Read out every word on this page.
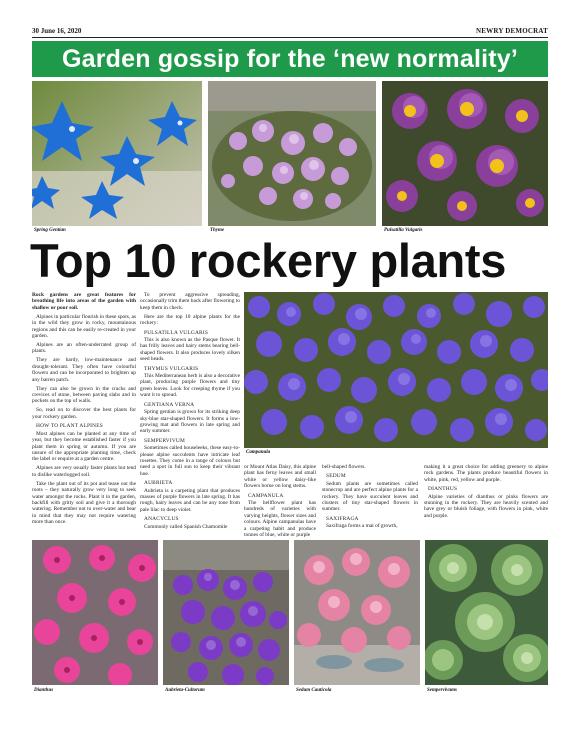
30 June 16, 2020	NEWRY DEMOCRAT
Garden gossip for the ‘new normality’
Spring Gentian	Thyme	Pulsatilla Vulgaris
Top 10 rockery plants

Rock gardens are great features for breathing life into areas of the garden with shallow or poor soil.

Alpines in particular flourish in these spots, as in the wild they grow in rocky, mountainous regions and this can be easily re-created in your garden.

Alpines are an often-underrated group of plants.

They are hardy, low-maintenance and drought-tolerant. They often have colourful flowers and can be incorporated to brighten up any barren patch.

They can also be grown in the cracks and crevices of stone, between paving slabs and in pockets on the top of walls.

So, read on to discover the best plants for your rockery garden.

HOW TO PLANT ALPINES

Most alpines can be planted at any time of year, but they become established faster if you plant them in spring or autumn. If you are unsure of the appropriate planting time, check the label or enquire at a garden centre.

Alpines are very usually faster plants but tend to dislike waterlogged soil.

Take the plant out of its pot and tease out the roots – they naturally grow very long to seek water amongst the rocks. Plant it in the garden, backfill with gritty soil and give it a thorough watering. Remember not to over-water and bear in mind that they may not require watering more than once.

To prevent aggressive spreading, occasionally trim them back after flowering to keep them in check.

Here are the top 10 alpine plants for the rockery:

PULSATILLA VULGARIS

This is also known as the Pasque flower. It has frilly leaves and hairy stems bearing bell-shaped flowers. It also produces lovely silken seed heads.

THYMUS VULGARIS

This Mediterranean herb is also a decorative plant, producing purple flowers and tiny green leaves. Look for creeping thyme if you want it to spread.

GENTIANA VERNA

Spring gentian is grown for its striking deep sky-blue star-shaped flowers. It forms a low-growing mat and flowers in late spring and early summer.

SEMPERVIVUM

Sometimes called houseleeks, these easy-to-please alpine succulents have intricate leaf rosettes. They come in a range of colours but need a spot in full sun to keep their vibrant hue.

AUBRIETA

Aubrieta is a carpeting plant that produces masses of purple flowers in late spring. It has rough, hairy leaves and can be any tone from pale lilac to deep violet.

ANACYCLUS

Commonly called Spanish Chamomile

Campanula

or Mount Atlas Daisy, this alpine plant has ferny leaves and small white or yellow daisy-like flowers borne on long stems.

CAMPANULA

The bellflower plant has hundreds of varieties with varying heights, flower sizes and colours. Alpine campanulas have a carpeting habit and produce tonnes of blue, white or purple

bell-shaped flowers.

SEDUM

Sedum plants are sometimes called stonecrop and are perfect alpine plants for a rockery. They have succulent leaves and clusters of tiny star-shaped flowers in summer.

SAXIFRAGA

Saxifraga forms a mat of growth,

making it a great choice for adding greenery to alpine rock gardens. The plants produce beautiful flowers in white, pink, red, yellow and purple.

DIANTHUS

Alpine varieties of dianthus or pinks flowers are stunning in the rockery. They are heavily scented and have grey or bluish foliage, with flowers in pink, white and purple.

Dianthus	Aubrieta-Cultorum	Sedum Cauticola	Sempervivums
